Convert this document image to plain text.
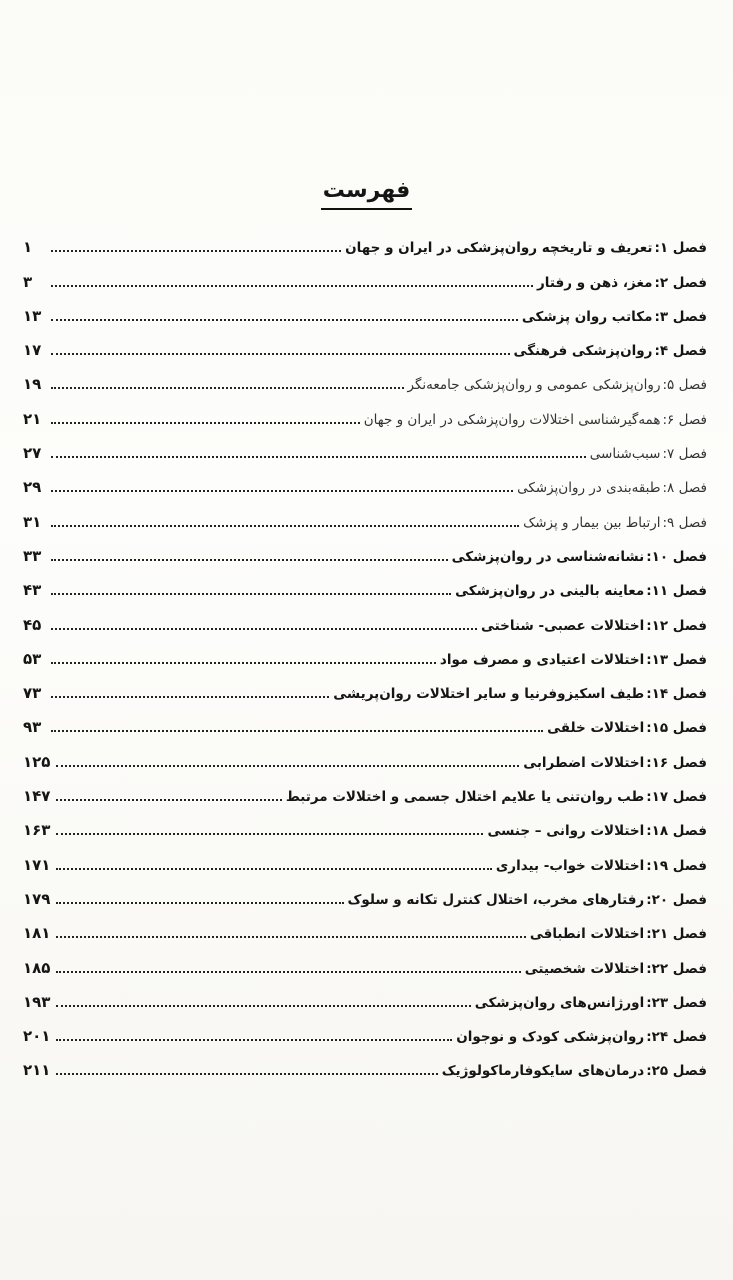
فهرست
فصل ۱:
تعریف و تاریخچه روان‌پزشکی در ایران و جهان
۱
فصل ۲:
مغز، ذهن و رفتار
۳
فصل ۳:
مکاتب روان پزشکی
۱۳
فصل ۴:
روان‌پزشکی فرهنگی
۱۷
فصل ۵:
روان‌پزشکی عمومی و روان‌پزشکی جامعه‌نگر
۱۹
فصل ۶:
همه‌گیرشناسی اختلالات روان‌پزشکی در ایران و جهان
۲۱
فصل ۷:
سبب‌شناسی
۲۷
فصل ۸:
طبقه‌بندی در روان‌پزشکی
۲۹
فصل ۹:
ارتباط بین بیمار و پزشک
۳۱
فصل ۱۰:
نشانه‌شناسی در روان‌پزشکی
۳۳
فصل ۱۱:
معاینه بالینی در روان‌پزشکی
۴۳
فصل ۱۲:
اختلالات عصبی- شناختی
۴۵
فصل ۱۳:
اختلالات اعتیادی و مصرف مواد
۵۳
فصل ۱۴:
طیف اسکیزوفرنیا و سایر اختلالات روان‌پریشی
۷۳
فصل ۱۵:
اختلالات خلقی
۹۳
فصل ۱۶:
اختلالات اضطرابی
۱۲۵
فصل ۱۷:
طب روان‌تنی یا علایم اختلال جسمی و اختلالات مرتبط
۱۴۷
فصل ۱۸:
اختلالات روانی – جنسی
۱۶۳
فصل ۱۹:
اختلالات خواب- بیداری
۱۷۱
فصل ۲۰:
رفتارهای مخرب، اختلال کنترل تکانه و سلوک
۱۷۹
فصل ۲۱:
اختلالات انطباقی
۱۸۱
فصل ۲۲:
اختلالات شخصیتی
۱۸۵
فصل ۲۳:
اورژانس‌های روان‌پزشکی
۱۹۳
فصل ۲۴:
روان‌پزشکی کودک و نوجوان
۲۰۱
فصل ۲۵:
درمان‌های سایکوفارماکولوژیک
۲۱۱
